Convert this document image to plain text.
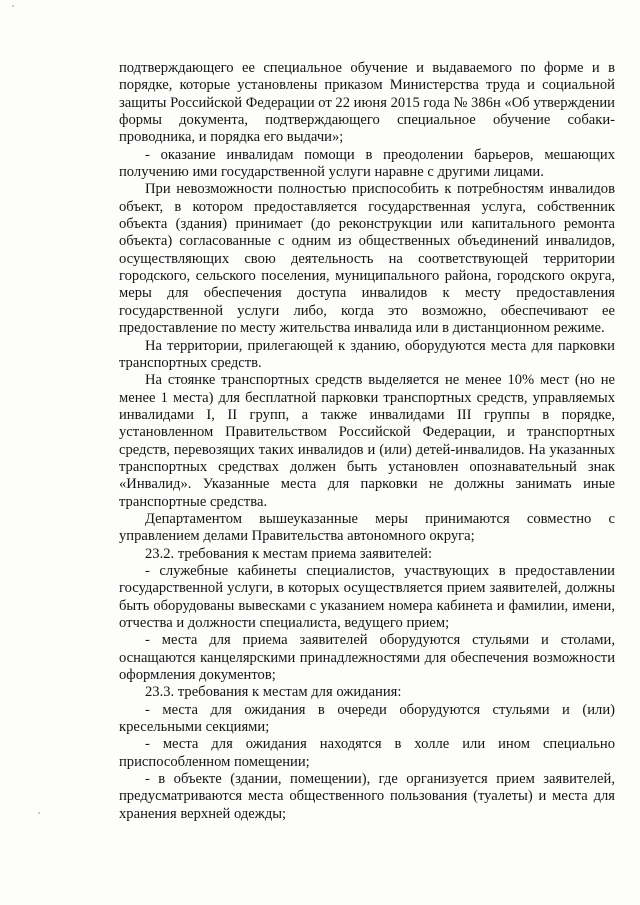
подтверждающего ее специальное обучение и выдаваемого по форме и в порядке, которые установлены приказом Министерства труда и социальной защиты Российской Федерации от 22 июня 2015 года № 386н «Об утверждении формы документа, подтверждающего специальное обучение собаки-проводника, и порядка его выдачи»;

- оказание инвалидам помощи в преодолении барьеров, мешающих получению ими государственной услуги наравне с другими лицами.

При невозможности полностью приспособить к потребностям инвалидов объект, в котором предоставляется государственная услуга, собственник объекта (здания) принимает (до реконструкции или капитального ремонта объекта) согласованные с одним из общественных объединений инвалидов, осуществляющих свою деятельность на соответствующей территории городского, сельского поселения, муниципального района, городского округа, меры для обеспечения доступа инвалидов к месту предоставления государственной услуги либо, когда это возможно, обеспечивают ее предоставление по месту жительства инвалида или в дистанционном режиме.

На территории, прилегающей к зданию, оборудуются места для парковки транспортных средств.

На стоянке транспортных средств выделяется не менее 10% мест (но не менее 1 места) для бесплатной парковки транспортных средств, управляемых инвалидами I, II групп, а также инвалидами III группы в порядке, установленном Правительством Российской Федерации, и транспортных средств, перевозящих таких инвалидов и (или) детей-инвалидов. На указанных транспортных средствах должен быть установлен опознавательный знак «Инвалид». Указанные места для парковки не должны занимать иные транспортные средства.

Департаментом вышеуказанные меры принимаются совместно с управлением делами Правительства автономного округа;

23.2. требования к местам приема заявителей:

- служебные кабинеты специалистов, участвующих в предоставлении государственной услуги, в которых осуществляется прием заявителей, должны быть оборудованы вывесками с указанием номера кабинета и фамилии, имени, отчества и должности специалиста, ведущего прием;

- места для приема заявителей оборудуются стульями и столами, оснащаются канцелярскими принадлежностями для обеспечения возможности оформления документов;

23.3. требования к местам для ожидания:

- места для ожидания в очереди оборудуются стульями и (или) кресельными секциями;

- места для ожидания находятся в холле или ином специально приспособленном помещении;

- в объекте (здании, помещении), где организуется прием заявителей, предусматриваются места общественного пользования (туалеты) и места для хранения верхней одежды;
